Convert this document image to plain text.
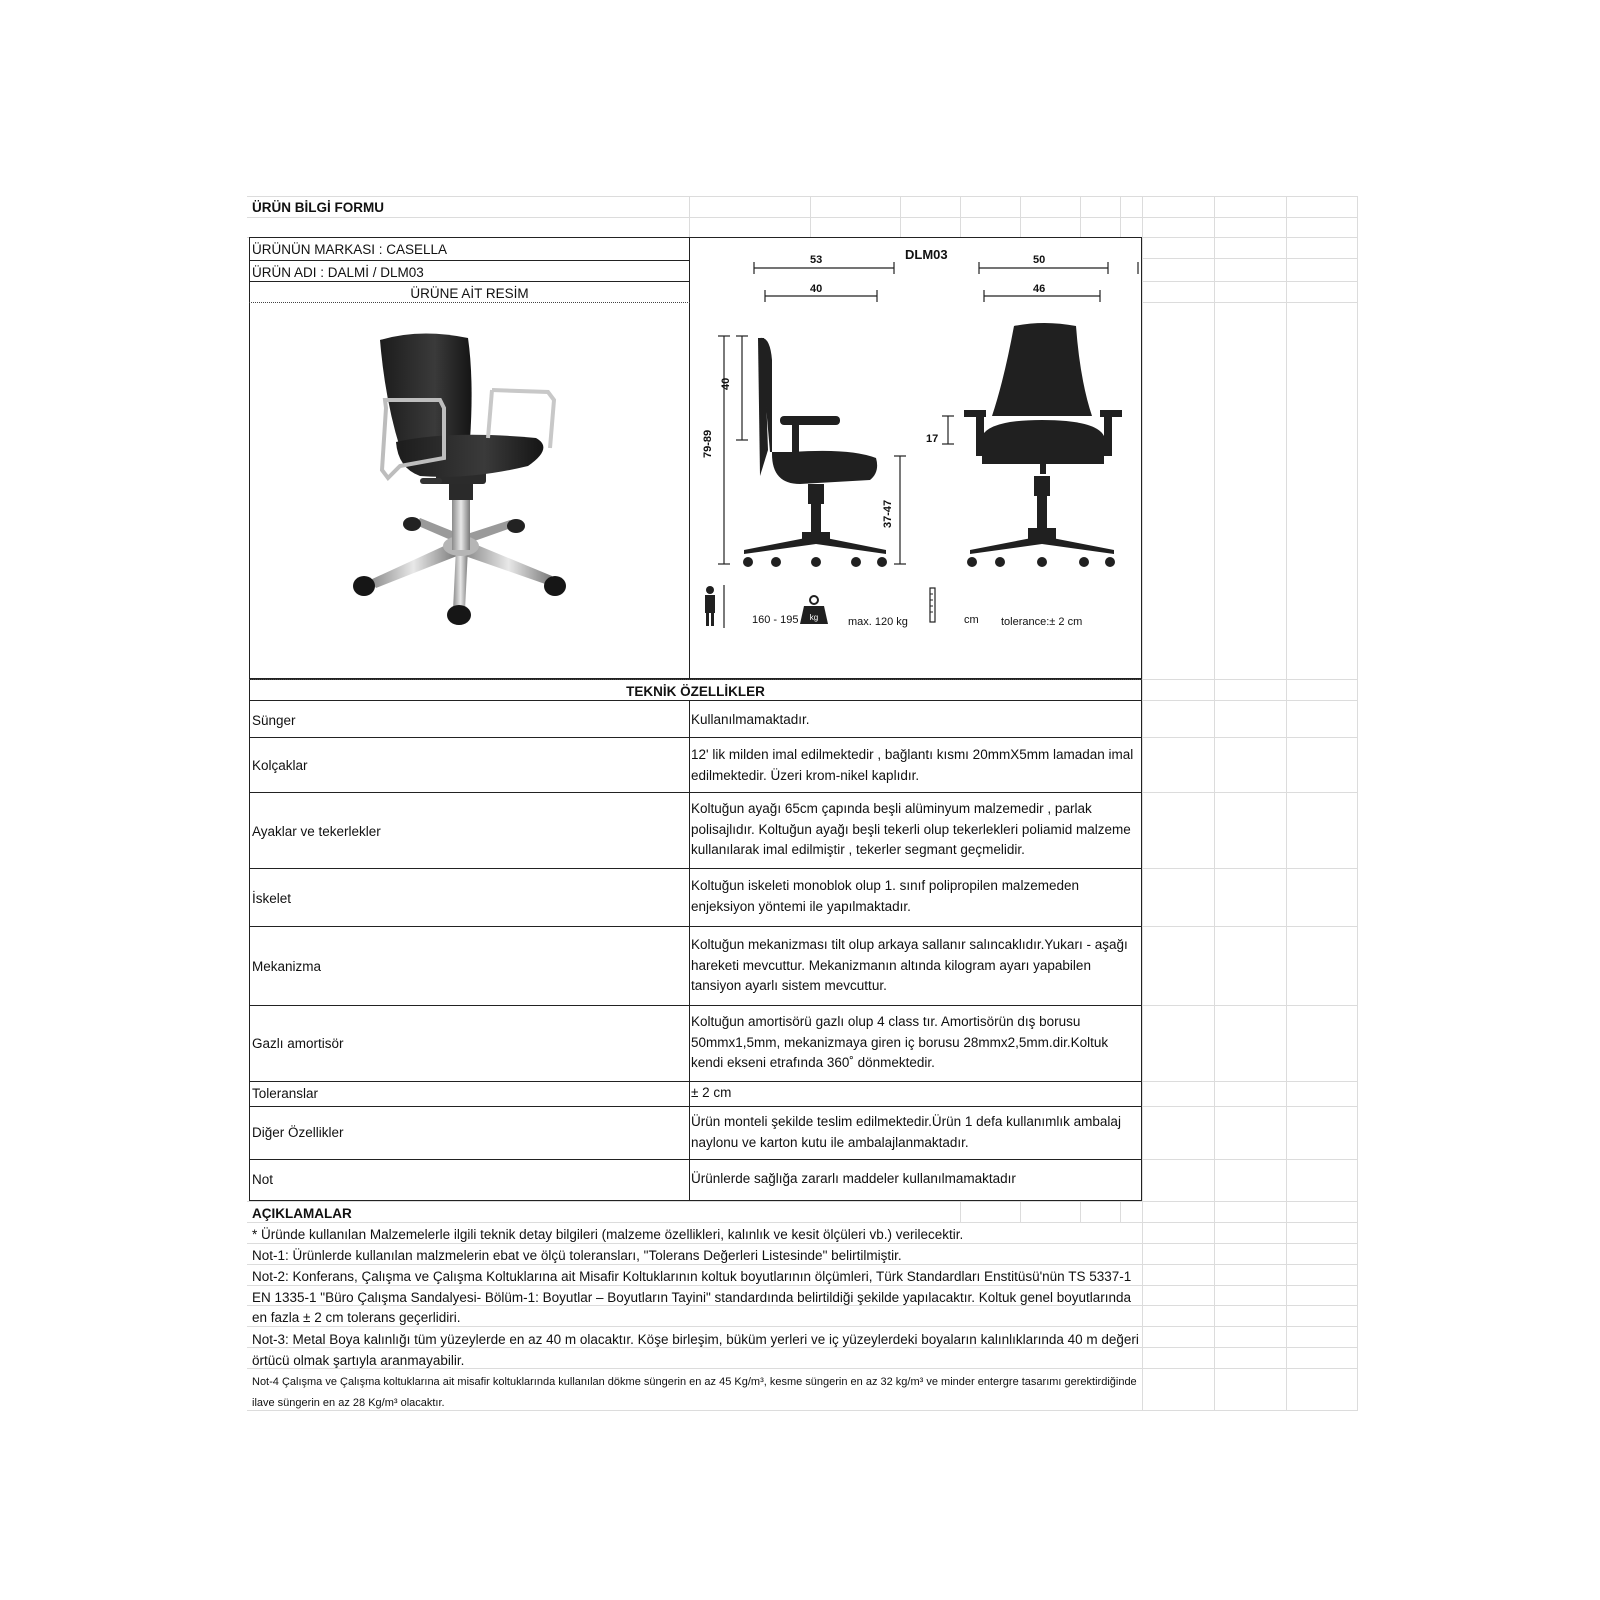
ÜRÜN BİLGİ FORMU
ÜRÜNÜN MARKASI : CASELLA
ÜRÜN ADI : DALMİ / DLM03
ÜRÜNE AİT RESİM
kg
DLM03
53
40
50
46
40
79-89
37-47
17
160 - 195	max. 120 kg	cm tolerance:± 2 cm
TEKNİK ÖZELLİKLER
Sünger
Kolçaklar
Ayaklar ve tekerlekler
İskelet
Mekanizma
Gazlı amortisör
Toleranslar
Diğer Özellikler
Not
Kullanılmamaktadır.
12' lik milden imal edilmektedir , bağlantı kısmı 20mmX5mm lamadan imal edilmektedir. Üzeri krom-nikel kaplıdır.
Koltuğun ayağı 65cm çapında beşli alüminyum malzemedir , parlak polisajlıdır. Koltuğun ayağı beşli tekerli olup tekerlekleri poliamid malzeme kullanılarak imal edilmiştir , tekerler segmant geçmelidir.
Koltuğun iskeleti monoblok olup 1. sınıf polipropilen malzemeden enjeksiyon yöntemi ile yapılmaktadır.
Koltuğun mekanizması tilt olup arkaya sallanır salıncaklıdır.Yukarı - aşağı hareketi mevcuttur. Mekanizmanın altında kilogram ayarı yapabilen tansiyon ayarlı sistem mevcuttur.
Koltuğun amortisörü gazlı olup 4 class tır. Amortisörün dış borusu 50mmx1,5mm, mekanizmaya giren iç borusu 28mmx2,5mm.dir.Koltuk kendi ekseni etrafında 360˚ dönmektedir.
± 2 cm
Ürün monteli şekilde teslim edilmektedir.Ürün 1 defa kullanımlık ambalaj naylonu ve karton kutu ile ambalajlanmaktadır.
Ürünlerde sağlığa zararlı maddeler kullanılmamaktadır
AÇIKLAMALAR
* Üründe kullanılan Malzemelerle ilgili teknik detay bilgileri (malzeme özellikleri, kalınlık ve kesit ölçüleri vb.) verilecektir.
Not-1: Ürünlerde kullanılan malzmelerin ebat ve ölçü toleransları, "Tolerans Değerleri Listesinde" belirtilmiştir.
Not-2: Konferans, Çalışma ve Çalışma Koltuklarına ait Misafir Koltuklarının koltuk boyutlarının ölçümleri, Türk Standardları Enstitüsü'nün TS 5337-1 EN 1335-1 "Büro Çalışma Sandalyesi- Bölüm-1: Boyutlar – Boyutların Tayini" standardında belirtildiği şekilde yapılacaktır. Koltuk genel boyutlarında en fazla ± 2 cm tolerans geçerlidiri.
Not-3: Metal Boya kalınlığı tüm yüzeylerde en az 40 m olacaktır. Köşe birleşim, büküm yerleri ve iç yüzeylerdeki boyaların kalınlıklarında 40 m değeri örtücü olmak şartıyla aranmayabilir.
Not-4 Çalışma ve Çalışma koltuklarına ait misafir koltuklarında kullanılan dökme süngerin en az 45 Kg/m³, kesme süngerin en az 32 kg/m³ ve minder entergre tasarımı gerektirdiğinde ilave süngerin en az 28 Kg/m³ olacaktır.
